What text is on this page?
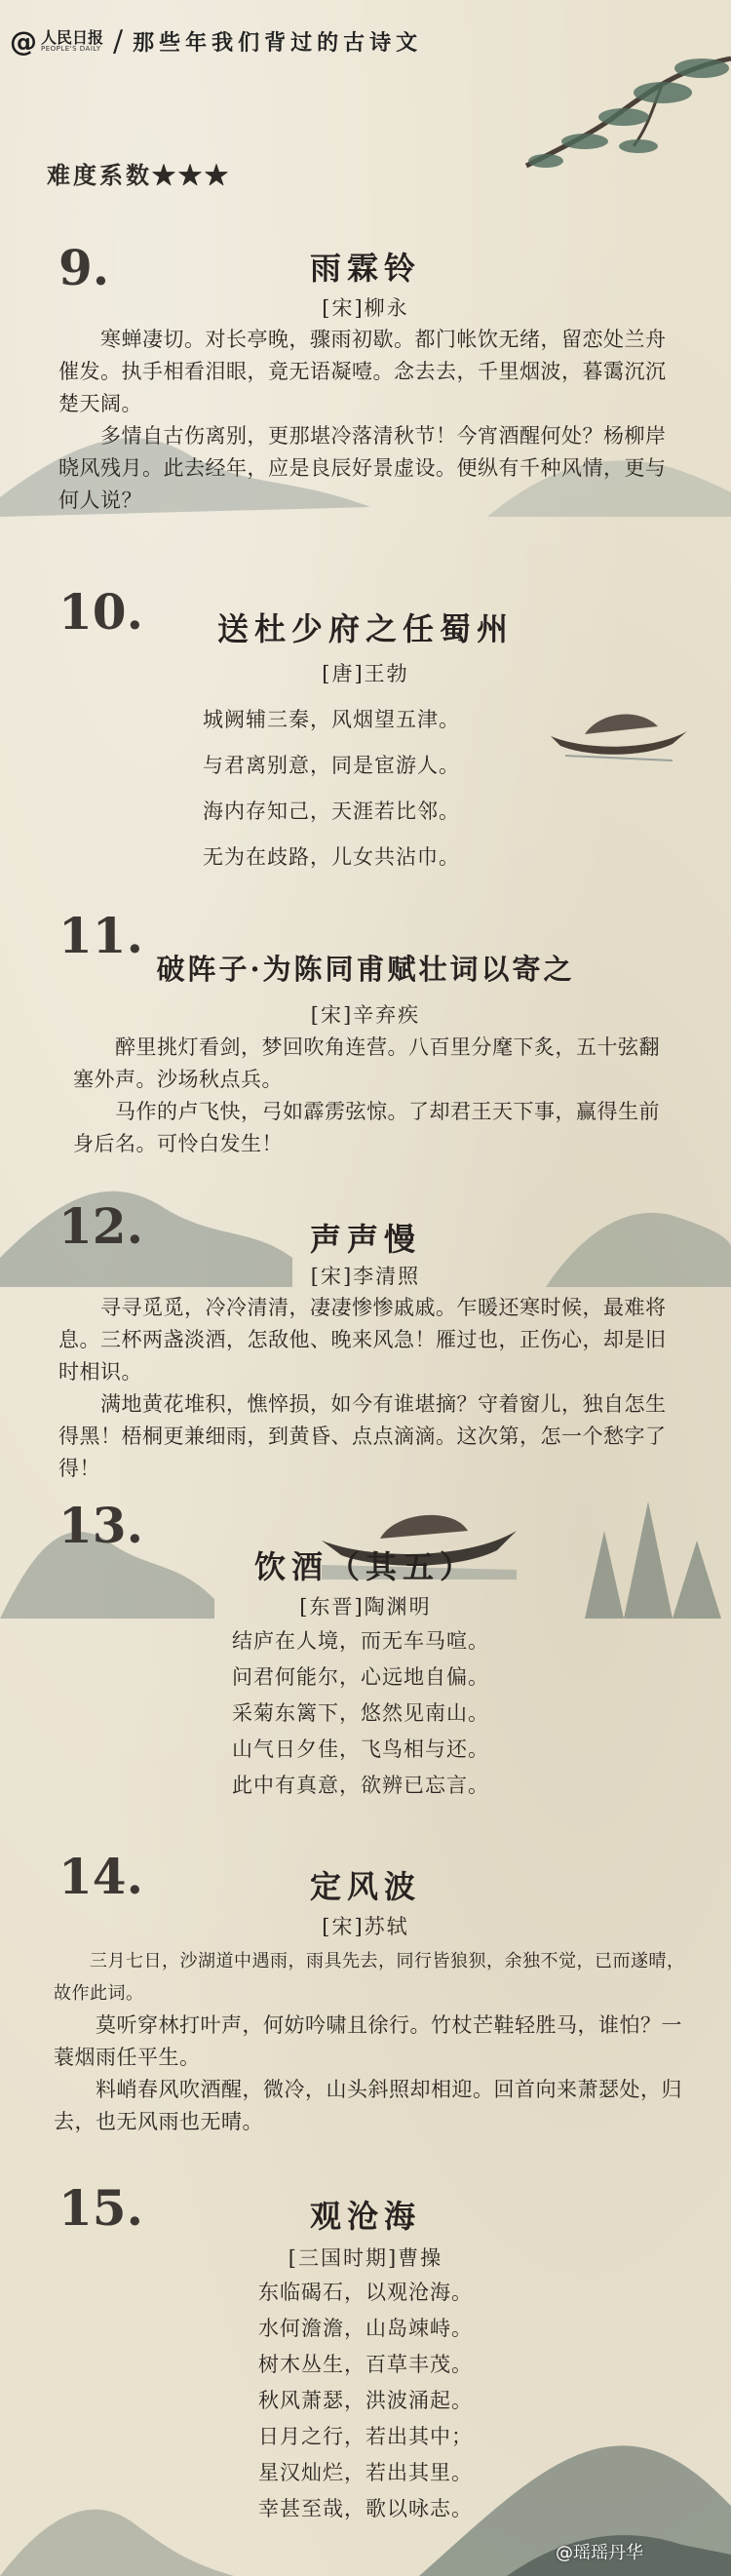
@ 人民日报
PEOPLE'S DAILY / 那些年我们背过的古诗文
难度系数★★★
9.	雨霖铃
[宋]柳永

　　寒蝉凄切。对长亭晚，骤雨初歇。都门帐饮无绪，留恋处兰舟催发。执手相看泪眼，竟无语凝噎。念去去，千里烟波，暮霭沉沉楚天阔。

　　多情自古伤离别，更那堪冷落清秋节！今宵酒醒何处？杨柳岸晓风残月。此去经年，应是良辰好景虚设。便纵有千种风情，更与何人说？

10.	送杜少府之任蜀州
[唐]王勃

城阙辅三秦，风烟望五津。

与君离别意，同是宦游人。

海内存知己，天涯若比邻。

无为在歧路，儿女共沾巾。

11.
破阵子·为陈同甫赋壮词以寄之
[宋]辛弃疾

　　醉里挑灯看剑，梦回吹角连营。八百里分麾下炙，五十弦翻塞外声。沙场秋点兵。

　　马作的卢飞快，弓如霹雳弦惊。了却君王天下事，赢得生前身后名。可怜白发生！

12.	声声慢
[宋]李清照

　　寻寻觅觅，冷冷清清，凄凄惨惨戚戚。乍暖还寒时候，最难将息。三杯两盏淡酒，怎敌他、晚来风急！雁过也，正伤心，却是旧时相识。

　　满地黄花堆积，憔悴损，如今有谁堪摘？守着窗儿，独自怎生得黑！梧桐更兼细雨，到黄昏、点点滴滴。这次第，怎一个愁字了得！

13.
饮酒（其五）
[东晋]陶渊明

结庐在人境，而无车马喧。

问君何能尔，心远地自偏。

采菊东篱下，悠然见南山。

山气日夕佳，飞鸟相与还。

此中有真意，欲辨已忘言。

14.	定风波
[宋]苏轼

　　三月七日，沙湖道中遇雨，雨具先去，同行皆狼狈，余独不觉，已而遂晴，故作此词。

　　莫听穿林打叶声，何妨吟啸且徐行。竹杖芒鞋轻胜马，谁怕？一蓑烟雨任平生。

　　料峭春风吹酒醒，微冷，山头斜照却相迎。回首向来萧瑟处，归去，也无风雨也无晴。

15.	观沧海
[三国时期]曹操

东临碣石，以观沧海。

水何澹澹，山岛竦峙。

树木丛生，百草丰茂。

秋风萧瑟，洪波涌起。

日月之行，若出其中；

星汉灿烂，若出其里。

幸甚至哉，歌以咏志。

@瑶瑶丹华
